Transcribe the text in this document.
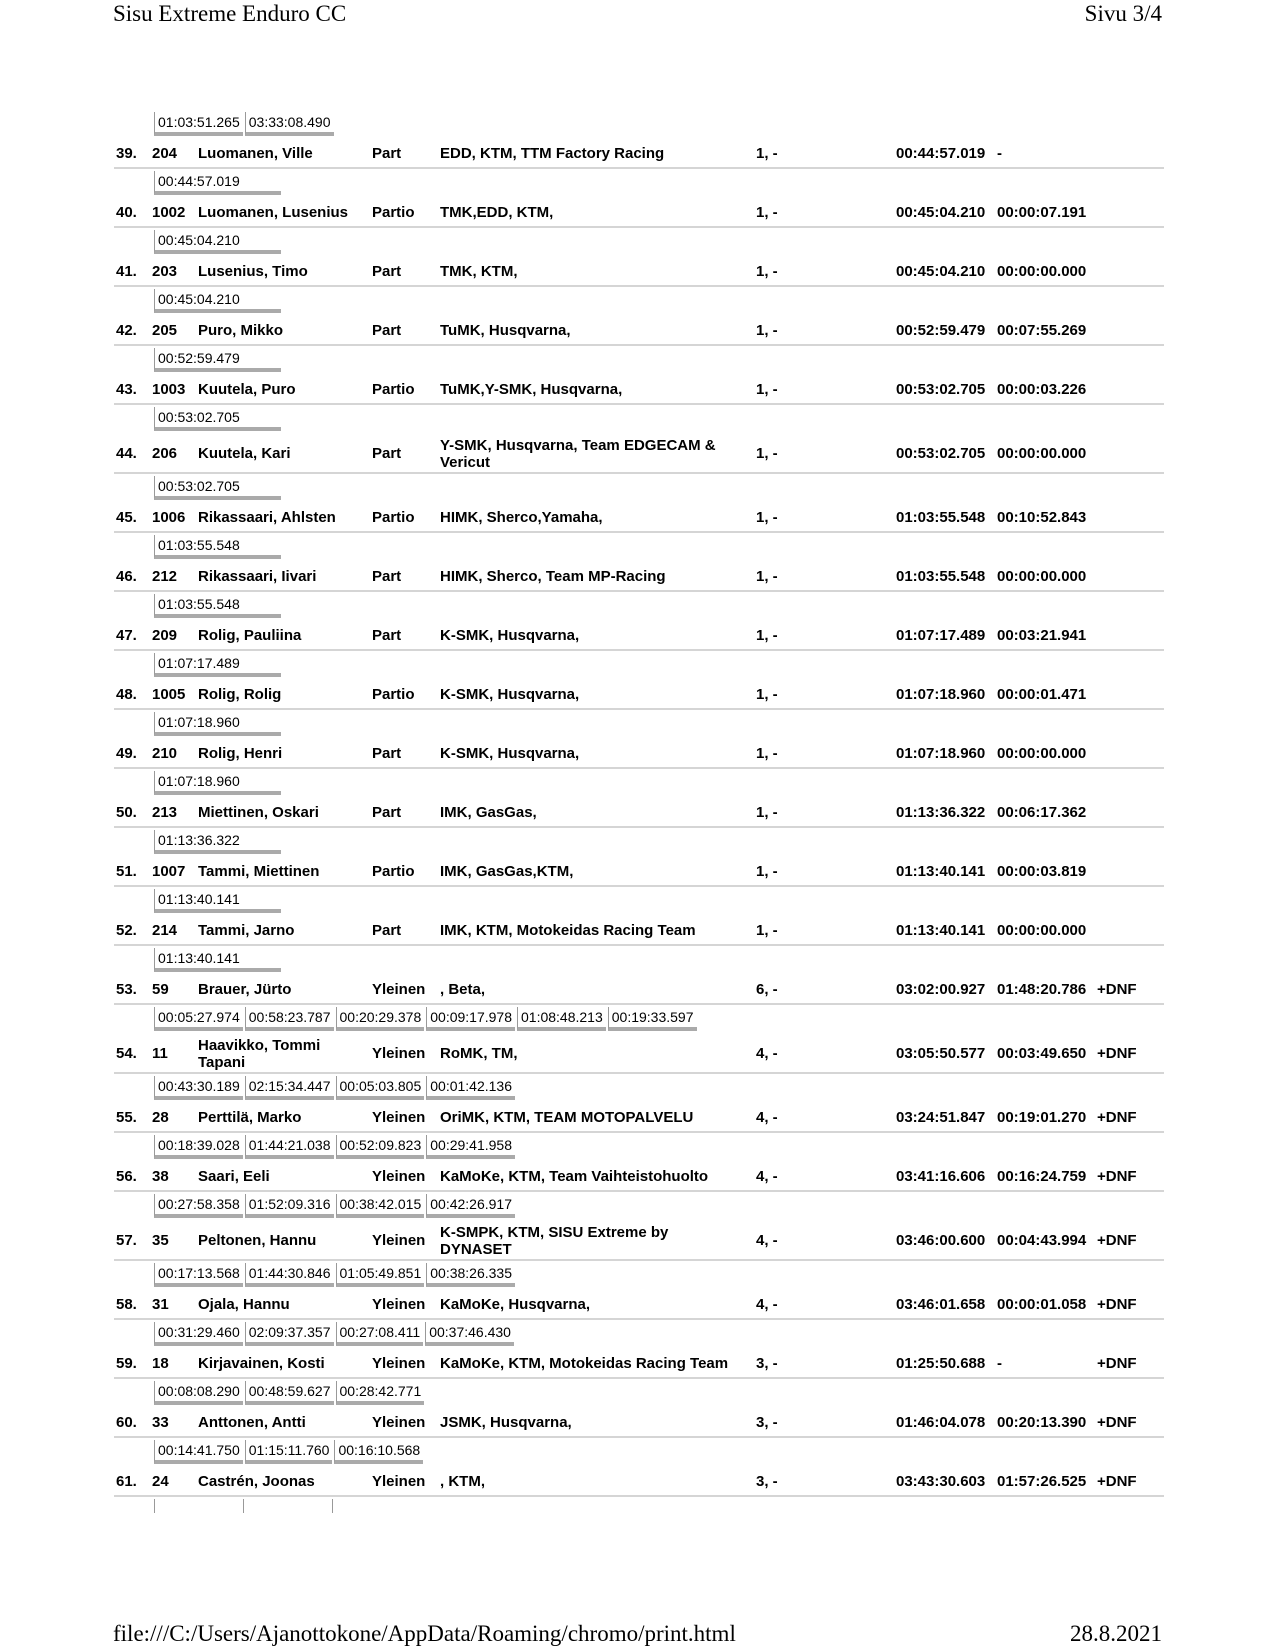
Sisu Extreme Enduro CC	Sivu 3/4
01:03:51.265 03:33:08.490
39. 204 Luomanen, Ville	Part	EDD, KTM, TTM Factory Racing	1, -	00:44:57.019 -
00:44:57.019
40. 1002 Luomanen, Lusenius	Partio TMK,EDD, KTM,	1, -	00:45:04.210 00:00:07.191
00:45:04.210
41. 203 Lusenius, Timo	Part	TMK, KTM,	1, -	00:45:04.210 00:00:00.000
00:45:04.210
42. 205 Puro, Mikko	Part	TuMK, Husqvarna,	1, -	00:52:59.479 00:07:55.269
00:52:59.479
43. 1003 Kuutela, Puro	Partio TuMK,Y-SMK, Husqvarna,	1, -	00:53:02.705 00:00:03.226
00:53:02.705
44. 206 Kuutela, Kari	Part	Y-SMK, Husqvarna, Team EDGECAM & Vericut	1, -	00:53:02.705 00:00:00.000
00:53:02.705
45. 1006 Rikassaari, Ahlsten	Partio HIMK, Sherco,Yamaha,	1, -	01:03:55.548 00:10:52.843
01:03:55.548
46. 212 Rikassaari, Iivari	Part	HIMK, Sherco, Team MP-Racing	1, -	01:03:55.548 00:00:00.000
01:03:55.548
47. 209 Rolig, Pauliina	Part	K-SMK, Husqvarna,	1, -	01:07:17.489 00:03:21.941
01:07:17.489
48. 1005 Rolig, Rolig	Partio K-SMK, Husqvarna,	1, -	01:07:18.960 00:00:01.471
01:07:18.960
49. 210 Rolig, Henri	Part	K-SMK, Husqvarna,	1, -	01:07:18.960 00:00:00.000
01:07:18.960
50. 213 Miettinen, Oskari	Part	IMK, GasGas,	1, -	01:13:36.322 00:06:17.362
01:13:36.322
51. 1007 Tammi, Miettinen	Partio IMK, GasGas,KTM,	1, -	01:13:40.141 00:00:03.819
01:13:40.141
52. 214 Tammi, Jarno	Part	IMK, KTM, Motokeidas Racing Team	1, -	01:13:40.141 00:00:00.000
01:13:40.141
53. 59 Brauer, Jürto	Yleinen , Beta,	6, -	03:02:00.927 01:48:20.786 +DNF
00:05:27.974 00:58:23.787 00:20:29.378 00:09:17.978 01:08:48.213 00:19:33.597
54. 11 Haavikko, Tommi Tapani	Yleinen RoMK, TM,	4, -	03:05:50.577 00:03:49.650 +DNF
00:43:30.189 02:15:34.447 00:05:03.805 00:01:42.136
55. 28 Perttilä, Marko	Yleinen OriMK, KTM, TEAM MOTOPALVELU	4, -	03:24:51.847 00:19:01.270 +DNF
00:18:39.028 01:44:21.038 00:52:09.823 00:29:41.958
56. 38 Saari, Eeli	Yleinen KaMoKe, KTM, Team Vaihteistohuolto	4, -	03:41:16.606 00:16:24.759 +DNF
00:27:58.358 01:52:09.316 00:38:42.015 00:42:26.917
57. 35 Peltonen, Hannu	Yleinen K-SMPK, KTM, SISU Extreme by DYNASET	4, -	03:46:00.600 00:04:43.994 +DNF
00:17:13.568 01:44:30.846 01:05:49.851 00:38:26.335
58. 31 Ojala, Hannu	Yleinen KaMoKe, Husqvarna,	4, -	03:46:01.658 00:00:01.058 +DNF
00:31:29.460 02:09:37.357 00:27:08.411 00:37:46.430
59. 18 Kirjavainen, Kosti	Yleinen KaMoKe, KTM, Motokeidas Racing Team	3, -	01:25:50.688 -	+DNF
00:08:08.290 00:48:59.627 00:28:42.771
60. 33 Anttonen, Antti	Yleinen JSMK, Husqvarna,	3, -	01:46:04.078 00:20:13.390 +DNF
00:14:41.750 01:15:11.760 00:16:10.568
61. 24 Castrén, Joonas	Yleinen , KTM,	3, -	03:43:30.603 01:57:26.525 +DNF
file:///C:/Users/Ajanottokone/AppData/Roaming/chromo/print.html	28.8.2021
